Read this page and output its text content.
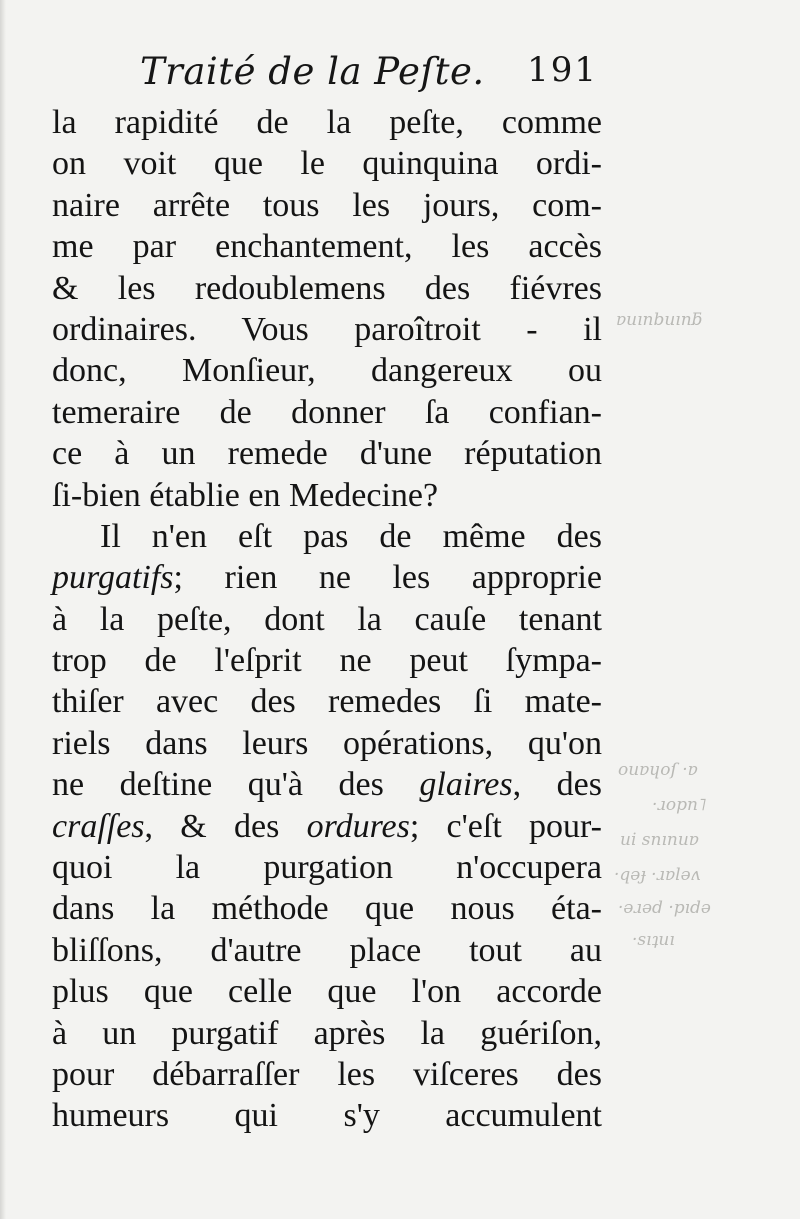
ɐuınbuınƃ
ouɐɥoſ ·ɐ
·ɹopn˥
ui snınuɐ
·qəɟ ·ɹɐləʌ
·əɹəd ·pıdə
·sıʇuı
Traité de la Peſte. 191
la rapidité de la peſte, comme
on voit que le quinquina ordi-
naire arrête tous les jours, com-
me par enchantement, les accès
& les redoublemens des fiévres
ordinaires. Vous paroîtroit - il
donc, Monſieur, dangereux ou
temeraire de donner ſa confian-
ce à un remede d'une réputation
ſi-bien établie en Medecine?
Il n'en eſt pas de même des
purgatifs; rien ne les approprie
à la peſte, dont la cauſe tenant
trop de l'eſprit ne peut ſympa-
thiſer avec des remedes ſi mate-
riels dans leurs opérations, qu'on
ne deſtine qu'à des glaires, des
craſſes, & des ordures; c'eſt pour-
quoi la purgation n'occupera
dans la méthode que nous éta-
bliſſons, d'autre place tout au
plus que celle que l'on accorde
à un purgatif après la guériſon,
pour débarraſſer les viſceres des
humeurs qui s'y accumulent
